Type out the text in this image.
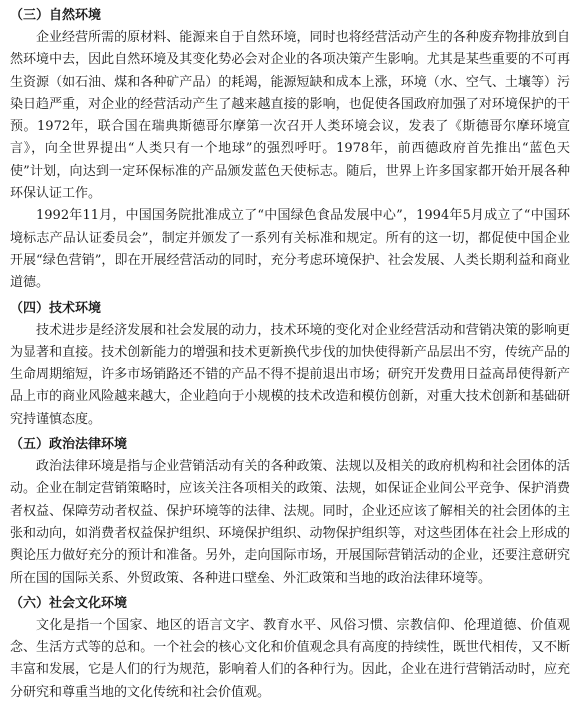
（三）自然环境

企业经营所需的原材料、能源来自于自然环境，同时也将经营活动产生的各种废弃物排放到自然环境中去，因此自然环境及其变化势必会对企业的各项决策产生影响。尤其是某些重要的不可再生资源（如石油、煤和各种矿产品）的耗竭，能源短缺和成本上涨，环境（水、空气、土壤等）污染日趋严重，对企业的经营活动产生了越来越直接的影响，也促使各国政府加强了对环境保护的干预。1972年，联合国在瑞典斯德哥尔摩第一次召开人类环境会议，发表了《斯德哥尔摩环境宣言》，向全世界提出“人类只有一个地球”的强烈呼吁。1978年，前西德政府首先推出“蓝色天使”计划，向达到一定环保标准的产品颁发蓝色天使标志。随后，世界上许多国家都开始开展各种环保认证工作。

1992年11月，中国国务院批准成立了“中国绿色食品发展中心”，1994年5月成立了“中国环境标志产品认证委员会”，制定并颁发了一系列有关标准和规定。所有的这一切，都促使中国企业开展“绿色营销”，即在开展经营活动的同时，充分考虑环境保护、社会发展、人类长期利益和商业道德。

（四）技术环境

技术进步是经济发展和社会发展的动力，技术环境的变化对企业经营活动和营销决策的影响更为显著和直接。技术创新能力的增强和技术更新换代步伐的加快使得新产品层出不穷，传统产品的生命周期缩短，许多市场销路还不错的产品不得不提前退出市场；研究开发费用日益高昂使得新产品上市的商业风险越来越大，企业趋向于小规模的技术改造和模仿创新，对重大技术创新和基础研究持谨慎态度。

（五）政治法律环境

政治法律环境是指与企业营销活动有关的各种政策、法规以及相关的政府机构和社会团体的活动。企业在制定营销策略时，应该关注各项相关的政策、法规，如保证企业间公平竞争、保护消费者权益、保障劳动者权益、保护环境等的法律、法规。同时，企业还应该了解相关的社会团体的主张和动向，如消费者权益保护组织、环境保护组织、动物保护组织等，对这些团体在社会上形成的舆论压力做好充分的预计和准备。另外，走向国际市场，开展国际营销活动的企业，还要注意研究所在国的国际关系、外贸政策、各种进口壁垒、外汇政策和当地的政治法律环境等。

（六）社会文化环境

文化是指一个国家、地区的语言文字、教育水平、风俗习惯、宗教信仰、伦理道德、价值观念、生活方式等的总和。一个社会的核心文化和价值观念具有高度的持续性，既世代相传，又不断丰富和发展，它是人们的行为规范，影响着人们的各种行为。因此，企业在进行营销活动时，应充分研究和尊重当地的文化传统和社会价值观。
